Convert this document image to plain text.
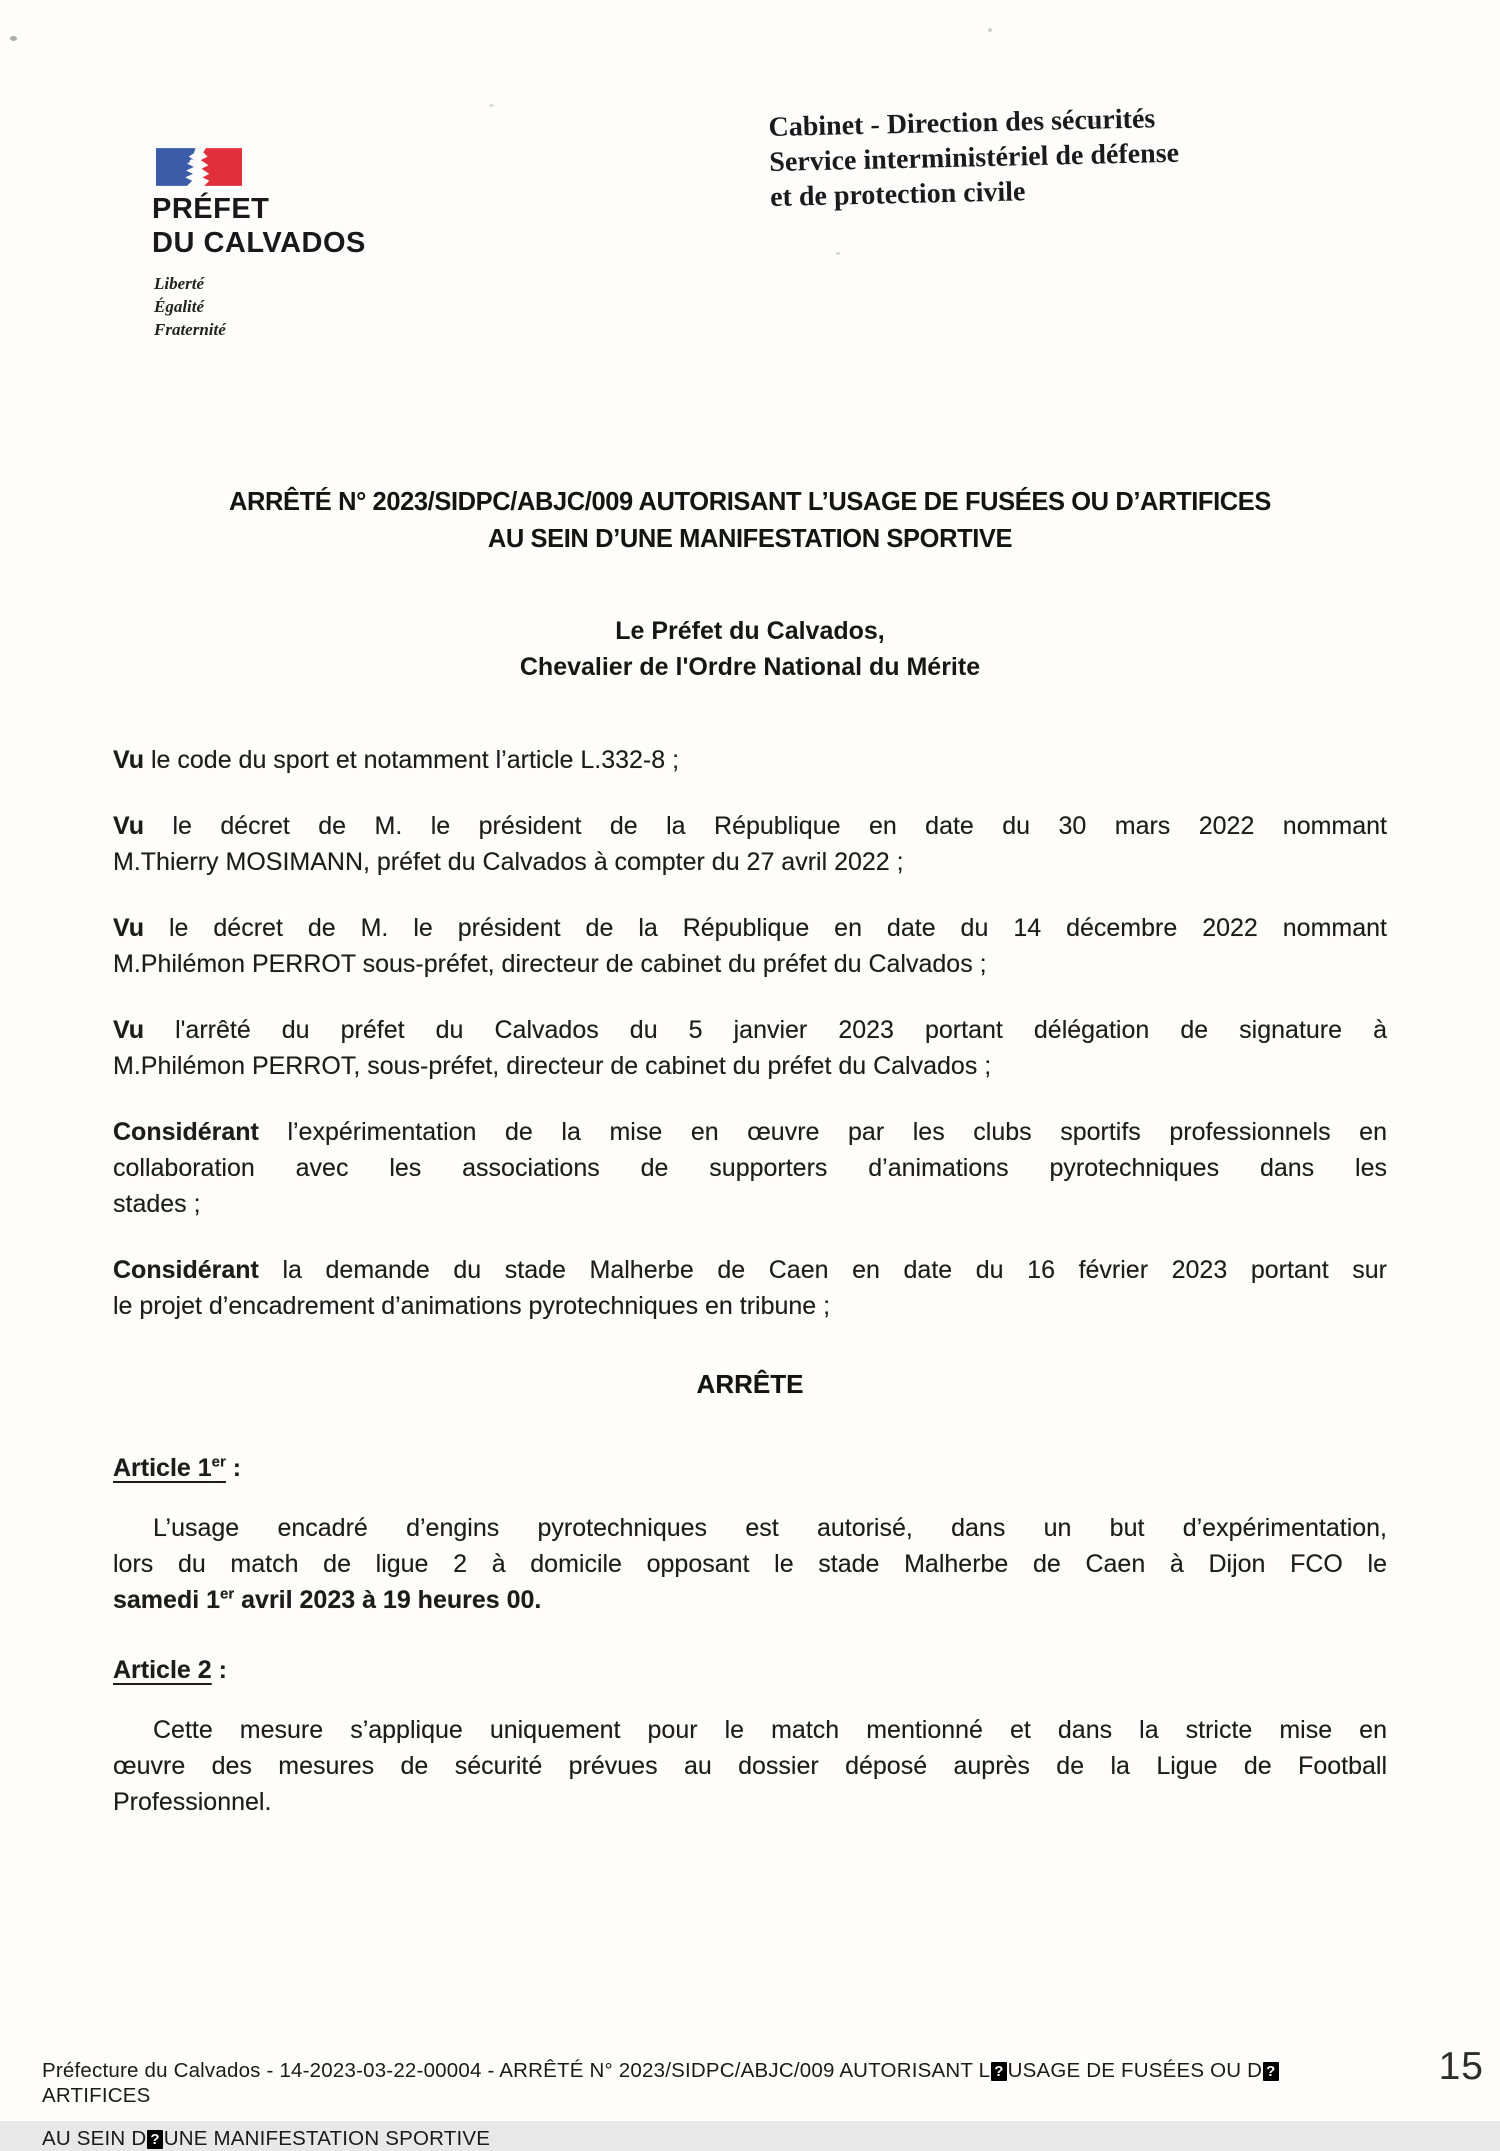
PRÉFET
DU CALVADOS
Liberté
Égalité
Fraternité
Cabinet - Direction des sécurités
Service interministériel de défense
et de protection civile
ARRÊTÉ N° 2023/SIDPC/ABJC/009 AUTORISANT L’USAGE DE FUSÉES OU D’ARTIFICES
AU SEIN D’UNE MANIFESTATION SPORTIVE
Le Préfet du Calvados,
Chevalier de l'Ordre National du Mérite

Vu le code du sport et notamment l’article L.332-8 ;

Vu le décret de M. le président de la République en date du 30 mars 2022 nommant
M.Thierry MOSIMANN, préfet du Calvados à compter du 27 avril 2022 ;

Vu le décret de M. le président de la République en date du 14 décembre 2022 nommant
M.Philémon PERROT sous-préfet, directeur de cabinet du préfet du Calvados ;

Vu l'arrêté du préfet du Calvados du 5 janvier 2023 portant délégation de signature à
M.Philémon PERROT, sous-préfet, directeur de cabinet du préfet du Calvados ;

Considérant l’expérimentation de la mise en œuvre par les clubs sportifs professionnels en
collaboration avec les associations de supporters d’animations pyrotechniques dans les
stades ;

Considérant la demande du stade Malherbe de Caen en date du 16 février 2023 portant sur
le projet d’encadrement d’animations pyrotechniques en tribune ;

ARRÊTE

Article 1er :

L’usage encadré d’engins pyrotechniques est autorisé, dans un but d’expérimentation,
lors du match de ligue 2 à domicile opposant le stade Malherbe de Caen à Dijon FCO le
samedi 1er avril 2023 à 19 heures 00.

Article 2 :

Cette mesure s’applique uniquement pour le match mentionné et dans la stricte mise en
œuvre des mesures de sécurité prévues au dossier déposé auprès de la Ligue de Football
Professionnel.

Préfecture du Calvados - 14-2023-03-22-00004 - ARRÊTÉ N° 2023/SIDPC/ABJC/009 AUTORISANT L ? USAGE DE FUSÉES OU D ?ARTIFICES
AU SEIN D ? UNE MANIFESTATION SPORTIVE
15
